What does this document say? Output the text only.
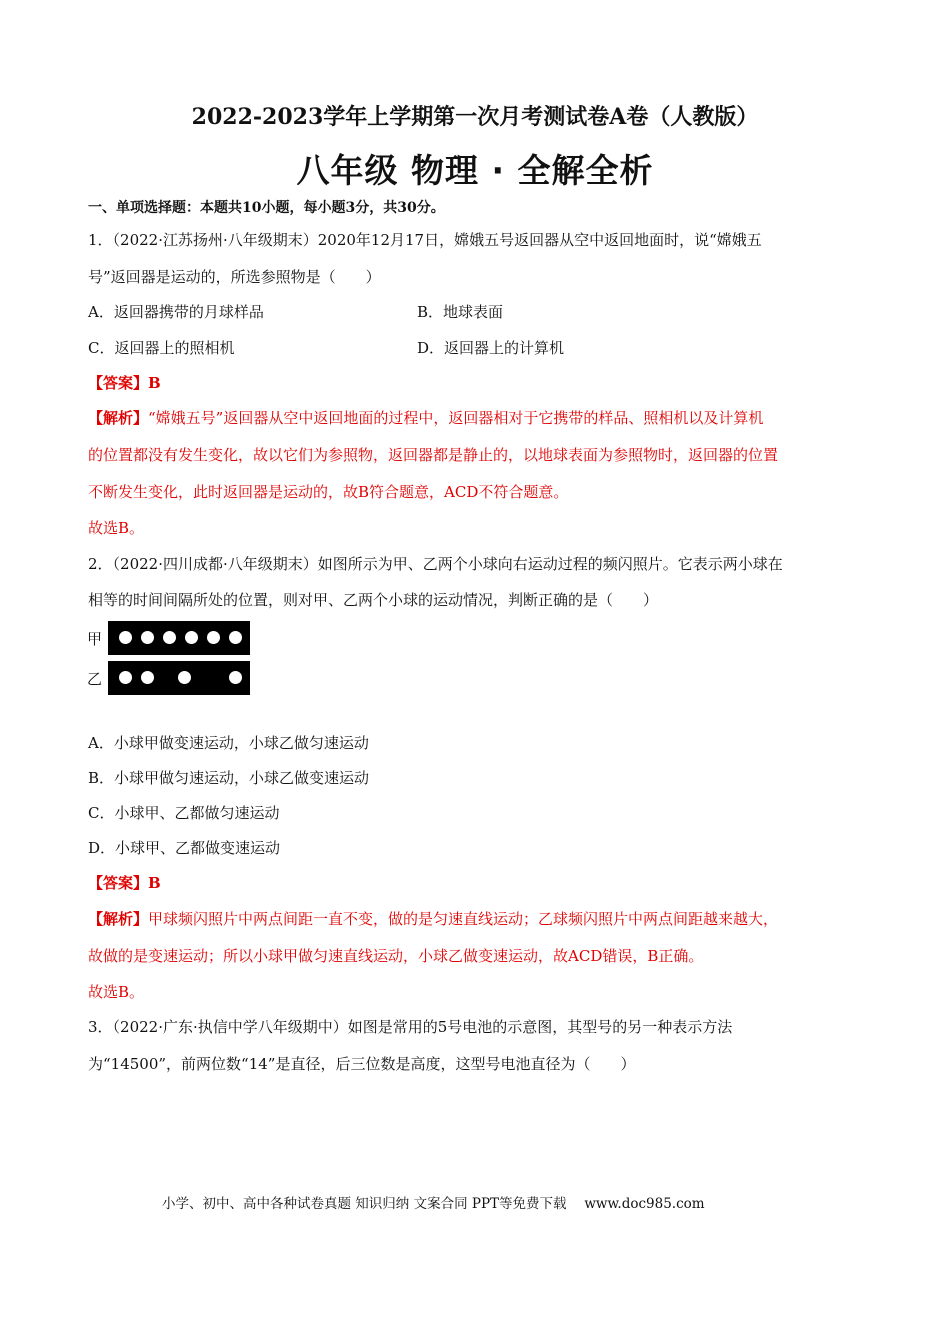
2022-2023学年上学期第一次月考测试卷A卷（人教版）
八年级 物理 · 全解全析
一、单项选择题：本题共10小题，每小题3分，共30分。
1．（2022·江苏扬州·八年级期末）2020年12月17日，嫦娥五号返回器从空中返回地面时，说“嫦娥五
号”返回器是运动的，所选参照物是（　　）
A．返回器携带的月球样品	B．地球表面
C．返回器上的照相机	D．返回器上的计算机
【答案】B
【解析】“嫦娥五号”返回器从空中返回地面的过程中，返回器相对于它携带的样品、照相机以及计算机
的位置都没有发生变化，故以它们为参照物，返回器都是静止的，以地球表面为参照物时，返回器的位置
不断发生变化，此时返回器是运动的，故B符合题意，ACD不符合题意。
故选B。
2．（2022·四川成都·八年级期末）如图所示为甲、乙两个小球向右运动过程的频闪照片。它表示两小球在
相等的时间间隔所处的位置，则对甲、乙两个小球的运动情况，判断正确的是（　　）
甲
乙
A．小球甲做变速运动，小球乙做匀速运动
B．小球甲做匀速运动，小球乙做变速运动
C．小球甲、乙都做匀速运动
D．小球甲、乙都做变速运动
【答案】B
【解析】甲球频闪照片中两点间距一直不变，做的是匀速直线运动；乙球频闪照片中两点间距越来越大，
故做的是变速运动；所以小球甲做匀速直线运动，小球乙做变速运动，故ACD错误，B正确。
故选B。
3．（2022·广东·执信中学八年级期中）如图是常用的5号电池的示意图，其型号的另一种表示方法
为“14500”，前两位数“14”是直径，后三位数是高度，这型号电池直径为（　　）
小学、初中、高中各种试卷真题 知识归纳 文案合同 PPT等免费下载　 www.doc985.com
